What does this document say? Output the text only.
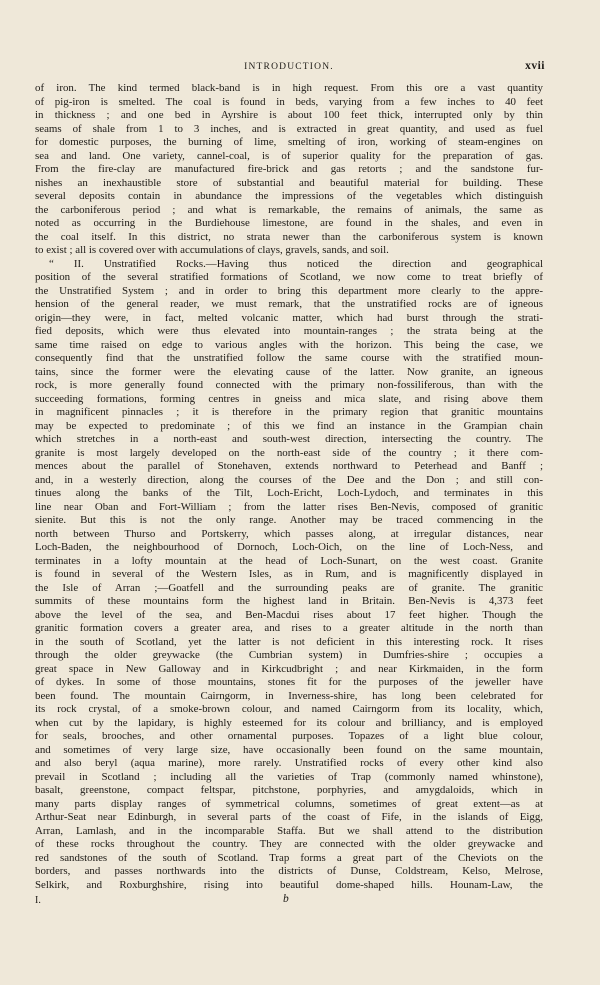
INTRODUCTION.	xvii
of iron. The kind termed black-band is in high request. From this ore a vast quantity
of pig-iron is smelted. The coal is found in beds, varying from a few inches to 40 feet
in thickness ; and one bed in Ayrshire is about 100 feet thick, interrupted only by thin
seams of shale from 1 to 3 inches, and is extracted in great quantity, and used as fuel
for domestic purposes, the burning of lime, smelting of iron, working of steam-engines on
sea and land. One variety, cannel-coal, is of superior quality for the preparation of gas.
From the fire-clay are manufactured fire-brick and gas retorts ; and the sandstone fur-
nishes an inexhaustible store of substantial and beautiful material for building. These
several deposits contain in abundance the impressions of the vegetables which distinguish
the carboniferous period ; and what is remarkable, the remains of animals, the same as
noted as occurring in the Burdiehouse limestone, are found in the shales, and even in
the coal itself. In this district, no strata newer than the carboniferous system is known
to exist ; all is covered over with accumulations of clays, gravels, sands, and soil.
“ II. Unstratified Rocks.—Having thus noticed the direction and geographical
position of the several stratified formations of Scotland, we now come to treat briefly of
the Unstratified System ; and in order to bring this department more clearly to the appre-
hension of the general reader, we must remark, that the unstratified rocks are of igneous
origin—they were, in fact, melted volcanic matter, which had burst through the strati-
fied deposits, which were thus elevated into mountain-ranges ; the strata being at the
same time raised on edge to various angles with the horizon. This being the case, we
consequently find that the unstratified follow the same course with the stratified moun-
tains, since the former were the elevating cause of the latter. Now granite, an igneous
rock, is more generally found connected with the primary non-fossiliferous, than with the
succeeding formations, forming centres in gneiss and mica slate, and rising above them
in magnificent pinnacles ; it is therefore in the primary region that granitic mountains
may be expected to predominate ; of this we find an instance in the Grampian chain
which stretches in a north-east and south-west direction, intersecting the country. The
granite is most largely developed on the north-east side of the country ; it there com-
mences about the parallel of Stonehaven, extends northward to Peterhead and Banff ;
and, in a westerly direction, along the courses of the Dee and the Don ; and still con-
tinues along the banks of the Tilt, Loch-Ericht, Loch-Lydoch, and terminates in this
line near Oban and Fort-William ; from the latter rises Ben-Nevis, composed of granitic
sienite. But this is not the only range. Another may be traced commencing in the
north between Thurso and Portskerry, which passes along, at irregular distances, near
Loch-Baden, the neighbourhood of Dornoch, Loch-Oich, on the line of Loch-Ness, and
terminates in a lofty mountain at the head of Loch-Sunart, on the west coast. Granite
is found in several of the Western Isles, as in Rum, and is magnificently displayed in
the Isle of Arran ;—Goatfell and the surrounding peaks are of granite. The granitic
summits of these mountains form the highest land in Britain. Ben-Nevis is 4,373 feet
above the level of the sea, and Ben-Macdui rises about 17 feet higher. Though the
granitic formation covers a greater area, and rises to a greater altitude in the north than
in the south of Scotland, yet the latter is not deficient in this interesting rock. It rises
through the older greywacke (the Cumbrian system) in Dumfries-shire ; occupies a
great space in New Galloway and in Kirkcudbright ; and near Kirkmaiden, in the form
of dykes. In some of those mountains, stones fit for the purposes of the jeweller have
been found. The mountain Cairngorm, in Inverness-shire, has long been celebrated for
its rock crystal, of a smoke-brown colour, and named Cairngorm from its locality, which,
when cut by the lapidary, is highly esteemed for its colour and brilliancy, and is employed
for seals, brooches, and other ornamental purposes. Topazes of a light blue colour,
and sometimes of very large size, have occasionally been found on the same mountain,
and also beryl (aqua marine), more rarely. Unstratified rocks of every other kind also
prevail in Scotland ; including all the varieties of Trap (commonly named whinstone),
basalt, greenstone, compact feltspar, pitchstone, porphyries, and amygdaloids, which in
many parts display ranges of symmetrical columns, sometimes of great extent—as at
Arthur-Seat near Edinburgh, in several parts of the coast of Fife, in the islands of Eigg,
Arran, Lamlash, and in the incomparable Staffa. But we shall attend to the distribution
of these rocks throughout the country. They are connected with the older greywacke and
red sandstones of the south of Scotland. Trap forms a great part of the Cheviots on the
borders, and passes northwards into the districts of Dunse, Coldstream, Kelso, Melrose,
Selkirk, and Roxburghshire, rising into beautiful dome-shaped hills. Hounam-Law, the
I.	b
